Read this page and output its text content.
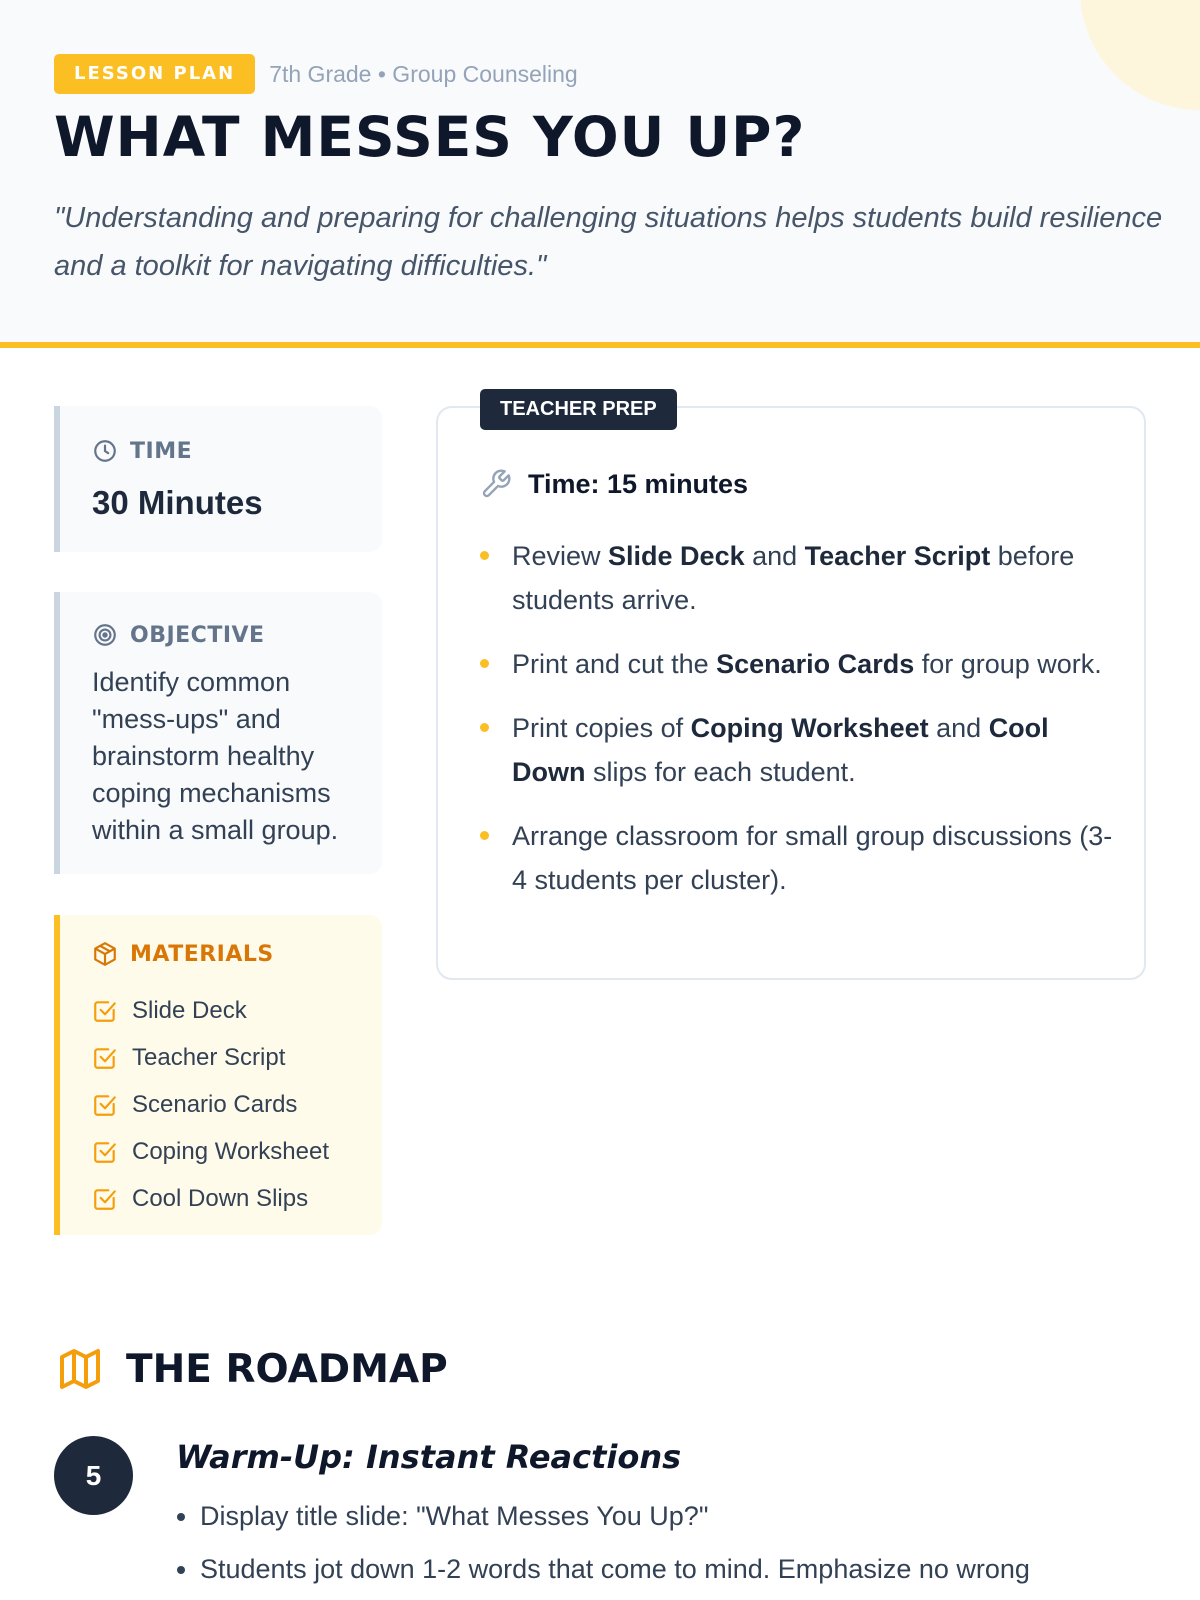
LESSON PLAN	7th Grade • Group Counseling
WHAT MESSES YOU UP?
"Understanding and preparing for challenging situations helps students build resilience and a toolkit for navigating difficulties."
TIME
30 Minutes
OBJECTIVE
Identify common "mess-ups" and brainstorm healthy coping mechanisms within a small group.
MATERIALS
Slide Deck
Teacher Script
Scenario Cards
Coping Worksheet
Cool Down Slips
TEACHER PREP
Time: 15 minutes
Review Slide Deck and Teacher Script before students arrive.
Print and cut the Scenario Cards for group work.
Print copies of Coping Worksheet and Cool Down slips for each student.
Arrange classroom for small group discussions (3-4 students per cluster).
THE ROADMAP
5	Warm-Up: Instant Reactions
• Display title slide: "What Messes You Up?"
• Students jot down 1-2 words that come to mind. Emphasize no wrong
